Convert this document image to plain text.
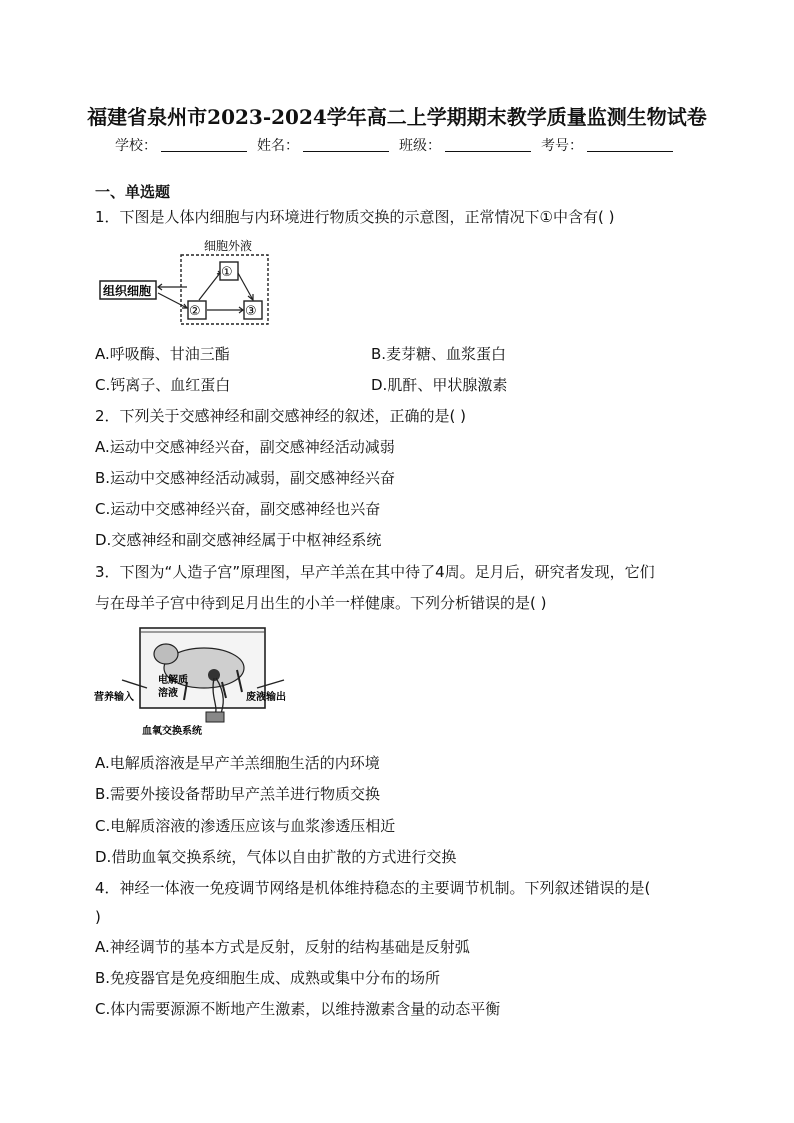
福建省泉州市2023-2024学年高二上学期期末教学质量监测生物试卷
学校：	姓名：	班级：	考号：
一、单选题
1．下图是人体内细胞与内环境进行物质交换的示意图，正常情况下①中含有( )
细胞外液
组织细胞
①
②	③
A.呼吸酶、甘油三酯	B.麦芽糖、血浆蛋白
C.钙离子、血红蛋白	D.肌酐、甲状腺激素
2．下列关于交感神经和副交感神经的叙述，正确的是( )
A.运动中交感神经兴奋，副交感神经活动减弱
B.运动中交感神经活动减弱，副交感神经兴奋
C.运动中交感神经兴奋，副交感神经也兴奋
D.交感神经和副交感神经属于中枢神经系统
3．下图为“人造子宫”原理图，早产羊羔在其中待了4周。足月后，研究者发现，它们
与在母羊子宫中待到足月出生的小羊一样健康。下列分析错误的是( )
电解质
溶液
营养输入	废液输出
血氧交换系统
A.电解质溶液是早产羊羔细胞生活的内环境
B.需要外接设备帮助早产羔羊进行物质交换
C.电解质溶液的渗透压应该与血浆渗透压相近
D.借助血氧交换系统，气体以自由扩散的方式进行交换
4．神经一体液一免疫调节网络是机体维持稳态的主要调节机制。下列叙述错误的是(
)
A.神经调节的基本方式是反射，反射的结构基础是反射弧
B.免疫器官是免疫细胞生成、成熟或集中分布的场所
C.体内需要源源不断地产生激素，以维持激素含量的动态平衡
